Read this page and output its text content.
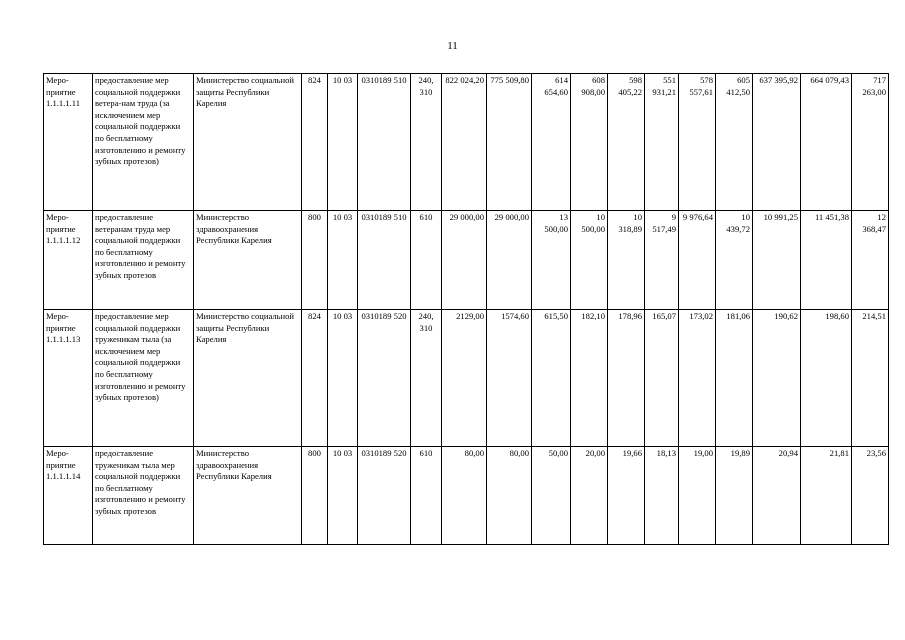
11
Меро-приятие 1.1.1.1.11	предоставление мер социальной поддержки ветера-нам труда (за исключением мер социальной поддержки по бесплатному изготовлению и ремонту зубных протезов)	Министерство социальной защиты Республики Карелия	824	10 03	0310189 510	240, 310	822 024,20	775 509,80	614 654,60	608 908,00	598 405,22	551 931,21	578 557,61	605 412,50	637 395,92	664 079,43	717 263,00
Меро-приятие 1.1.1.1.12	предоставление ветеранам труда мер социальной поддержки по бесплатному изготовлению и ремонту зубных протезов	Министерство здравоохранения Республики Карелия	800	10 03	0310189 510	610	29 000,00	29 000,00	13 500,00	10 500,00	10 318,89	9 517,49	9 976,64	10 439,72	10 991,25	11 451,38	12 368,47
Меро-приятие 1.1.1.1.13	предоставление мер социальной поддержки труженикам тыла (за исключением мер социальной поддержки по бесплатному изготовлению и ремонту зубных протезов)	Министерство социальной защиты Республики Карелия	824	10 03	0310189 520	240, 310	2129,00	1574,60	615,50	182,10	178,96	165,07	173,02	181,06	190,62	198,60	214,51
Меро-приятие 1.1.1.1.14	предоставление труженикам тыла мер социальной поддержки по бесплатному изготовлению и ремонту зубных протезов	Министерство здравоохранения Республики Карелия	800	10 03	0310189 520	610	80,00	80,00	50,00	20,00	19,66	18,13	19,00	19,89	20,94	21,81	23,56
